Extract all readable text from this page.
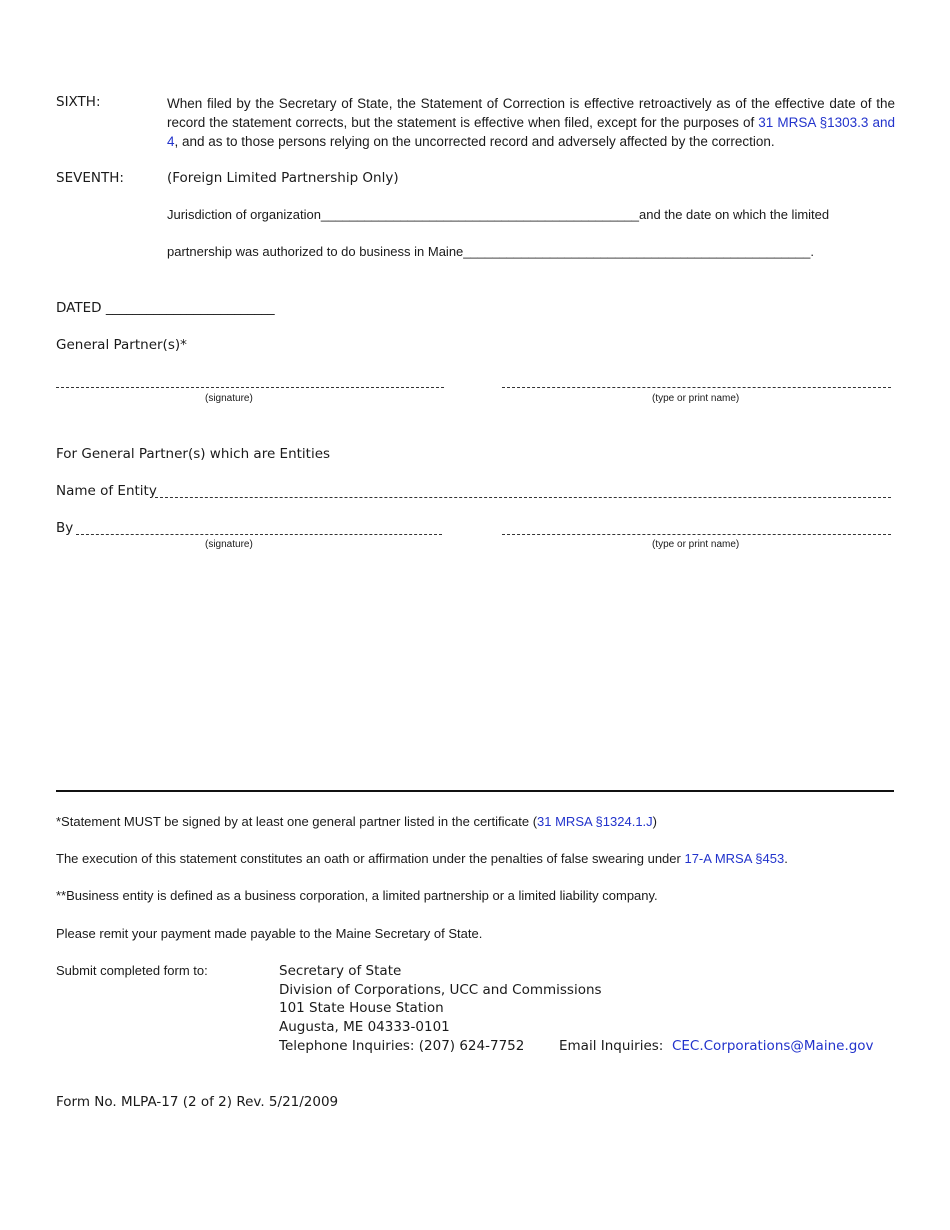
SIXTH:	When filed by the Secretary of State, the Statement of Correction is effective retroactively as of the effective date of the record the statement corrects, but the statement is effective when filed, except for the purposes of 31 MRSA §1303.3 and 4, and as to those persons relying on the uncorrected record and adversely affected by the correction.
SEVENTH:	(Foreign Limited Partnership Only)
Jurisdiction of organization____________________________________________and the date on which the limited
partnership was authorized to do business in Maine________________________________________________.
DATED _________________________
General Partner(s)*
(signature)	(type or print name)
For General Partner(s) which are Entities
Name of Entity
By
(signature)	(type or print name)
*Statement MUST be signed by at least one general partner listed in the certificate (31 MRSA §1324.1.J)
The execution of this statement constitutes an oath or affirmation under the penalties of false swearing under 17-A MRSA §453.
**Business entity is defined as a business corporation, a limited partnership or a limited liability company.
Please remit your payment made payable to the Maine Secretary of State.
Submit completed form to:	Secretary of State
Division of Corporations, UCC and Commissions
101 State House Station
Augusta, ME 04333-0101
Telephone Inquiries: (207) 624-7752	Email Inquiries: CEC.Corporations@Maine.gov
Form No. MLPA-17 (2 of 2) Rev. 5/21/2009
